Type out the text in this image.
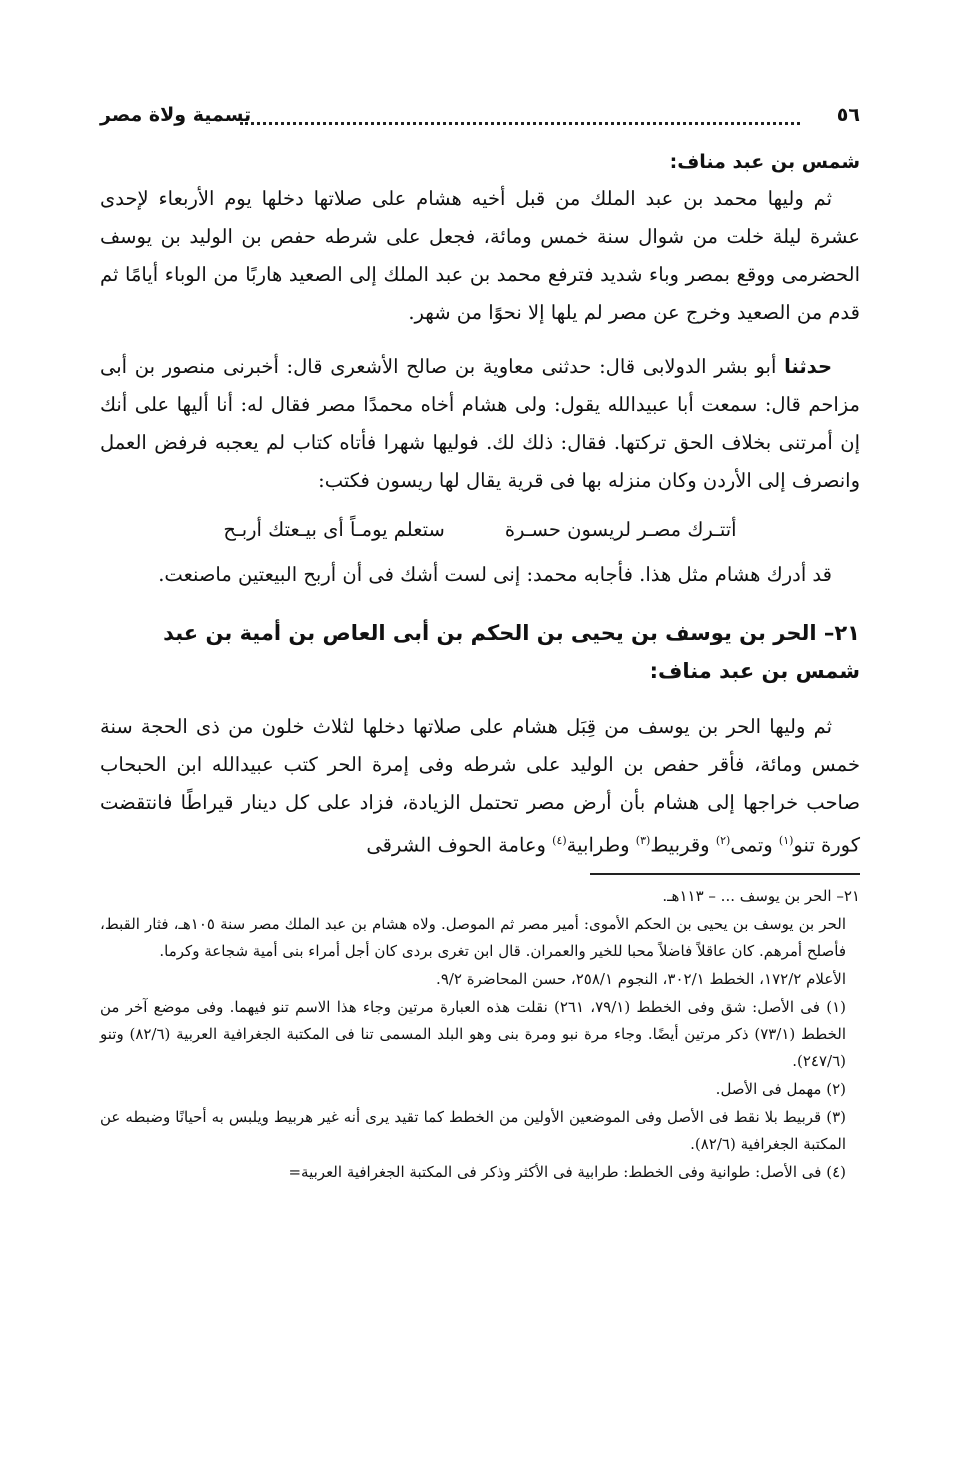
٥٦
تسمية ولاة مصر
شمس بن عبد مناف:

ثم وليها محمد بن عبد الملك من قبل أخيه هشام على صلاتها دخلها يوم الأربعاء لإحدى عشرة ليلة خلت من شوال سنة خمس ومائة، فجعل على شرطه حفص بن الوليد بن يوسف الحضرمى ووقع بمصر وباء شديد فترفع محمد بن عبد الملك إلى الصعيد هاربًا من الوباء أيامًا ثم قدم من الصعيد وخرج عن مصر لم يلها إلا نحوًا من شهر.

حدثنا أبو بشر الدولابى قال: حدثنى معاوية بن صالح الأشعرى قال: أخبرنى منصور بن أبى مزاحم قال: سمعت أبا عبيدالله يقول: ولى هشام أخاه محمدًا مصر فقال له: أنا أليها على أنك إن أمرتنى بخلاف الحق تركتها. فقال: ذلك لك. فوليها شهرا فأتاه كتاب لم يعجبه فرفض العمل وانصرف إلى الأردن وكان منزله بها فى قرية يقال لها ريسون فكتب:

أتتـرك مصـر لريسون حسـرة
ستعلم يومـاً أى بيـعتك أربـح

قد أدرك هشام مثل هذا. فأجابه محمد: إنى لست أشك فى أن أربح البيعتين ماصنعت.

٢١– الحر بن يوسف بن يحيى بن الحكم بن أبى العاص بن أمية بن عبد شمس بن عبد مناف:

ثم وليها الحر بن يوسف من قِبَل هشام على صلاتها دخلها لثلاث خلون من ذى الحجة سنة خمس ومائة، فأقر حفص بن الوليد على شرطه وفى إمرة الحر كتب عبيدالله ابن الحبحاب صاحب خراجها إلى هشام بأن أرض مصر تحتمل الزيادة، فزاد على كل دينار قيراطًا فانتقضت كورة تنو$^{(١)}$ وتمى$^{(٢)}$ وقربيط$^{(٣)}$ وطرابية$^{(٤)}$ وعامة الحوف الشرقى

٢١– الحر بن يوسف ... – ١١٣هـ.
الحر بن يوسف بن يحيى بن الحكم الأموى: أمير مصر ثم الموصل. ولاه هشام بن عبد الملك مصر سنة ١٠٥هـ، فثار القبط، فأصلح أمرهم. كان عاقلاً فاضلاً محبا للخير والعمران. قال ابن تغرى بردى كان أجل أمراء بنى أمية شجاعة وكرما.
الأعلام ١٧٢/٢، الخطط ٣٠٢/١، النجوم ٢٥٨/١، حسن المحاضرة ٩/٢.
(١) فى الأصل: شق وفى الخطط (٧٩/١، ٢٦١) نقلت هذه العبارة مرتين وجاء هذا الاسم تنو فيهما. وفى موضع آخر من الخطط (٧٣/١) ذكر مرتين أيضًا. وجاء مرة نبو ومرة بنى وهو البلد المسمى تنا فى المكتبة الجغرافية العربية (٨٢/٦) وتنو (٢٤٧/٦).
(٢) مهمل فى الأصل.
(٣) قربيط بلا نقط فى الأصل وفى الموضعين الأولين من الخطط كما تقيد يرى أنه غير هربيط ويلبس به أحيانًا وضبطه عن المكتبة الجغرافية (٨٢/٦).
(٤) فى الأصل: طوانية وفى الخطط: طرابية فى الأكثر وذكر فى المكتبة الجغرافية العربية=
